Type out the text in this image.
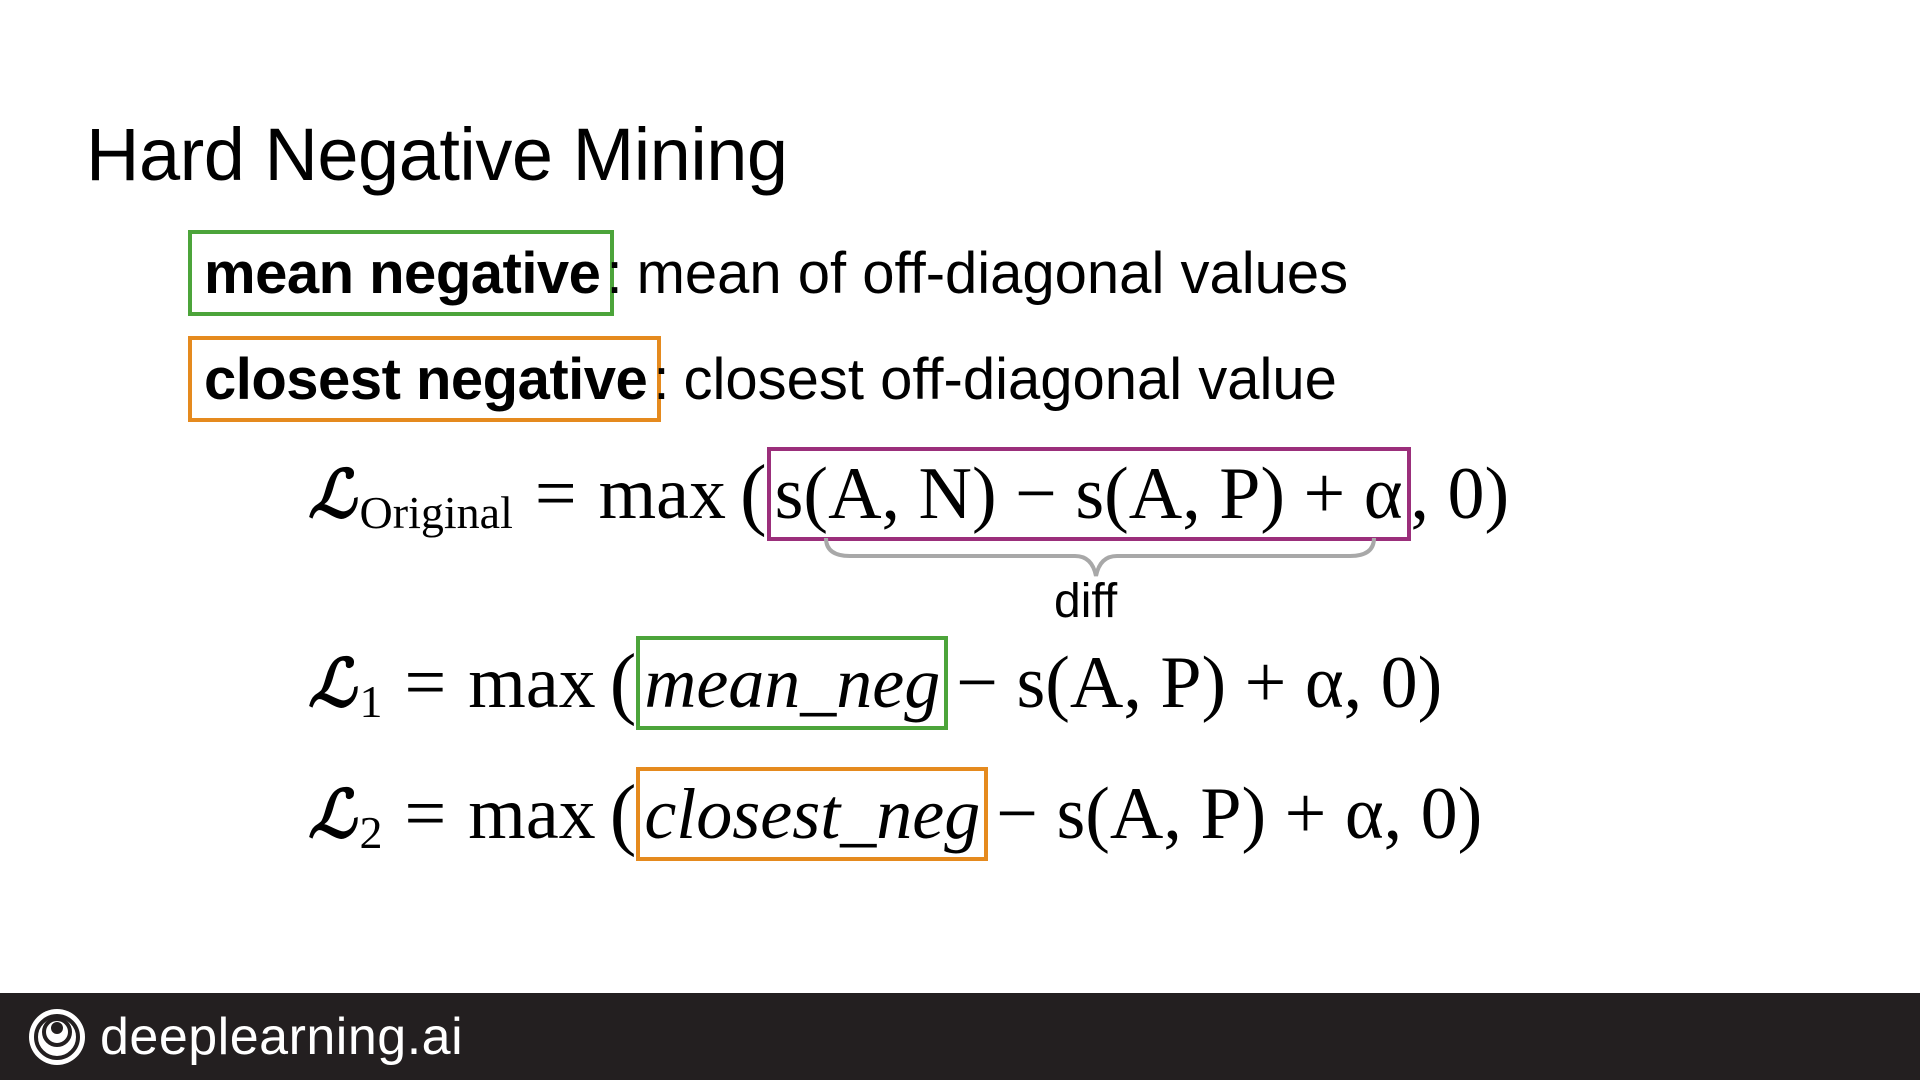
Hard Negative Mining
mean negative : mean of off-diagonal values
closest negative : closest off-diagonal value
ℒ Original = max ( s(A, N) − s(A, P) + α , 0)
diff
ℒ 1 = max ( mean_neg − s(A, P) + α, 0)
ℒ 2 = max ( closest_neg − s(A, P) + α, 0)
deeplearning.ai
